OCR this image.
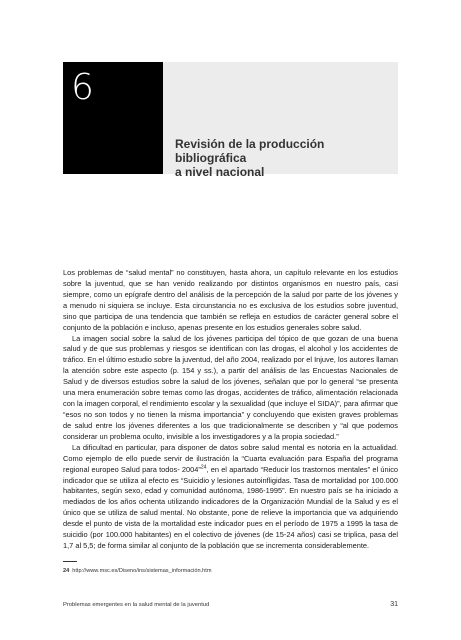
6
Revisión de la producción bibliográfica
a nivel nacional

Los problemas de “salud mental” no constituyen, hasta ahora, un capítulo relevante en los estudios sobre la juventud, que se han venido realizando por distintos organismos en nuestro país, casi siempre, como un epígrafe dentro del análisis de la percepción de la salud por parte de los jóvenes y a menudo ni siquiera se incluye. Esta circunstancia no es exclusiva de los estudios sobre juventud, sino que participa de una tendencia que también se refleja en estudios de carácter general sobre el conjunto de la población e incluso, apenas presente en los estudios generales sobre salud.

La imagen social sobre la salud de los jóvenes participa del tópico de que gozan de una buena salud y de que sus problemas y riesgos se identifican con las drogas, el alcohol y los accidentes de tráfico. En el último estudio sobre la juventud, del año 2004, realizado por el Injuve, los autores llaman la atención sobre este aspecto (p. 154 y ss.), a partir del análisis de las Encuestas Nacionales de Salud y de diversos estudios sobre la salud de los jóvenes, señalan que por lo general “se presenta una mera enumeración sobre temas como las drogas, accidentes de tráfico, alimentación relacionada con la imagen corporal, el rendimiento escolar y la sexualidad (que incluye el SIDA)”, para afirmar que “esos no son todos y no tienen la misma importancia” y concluyendo que existen graves problemas de salud entre los jóvenes diferentes a los que tradicionalmente se describen y “al que podemos considerar un problema oculto, invisible a los investigadores y a la propia sociedad.”

La dificultad en particular, para disponer de datos sobre salud mental es notoria en la actualidad. Como ejemplo de ello puede servir de ilustración la “Cuarta evaluación para España del programa regional europeo Salud para todos- 2004”$^{24}$, en el apartado “Reducir los trastornos mentales” el único indicador que se utiliza al efecto es “Suicidio y lesiones autoinfligidas. Tasa de mortalidad por 100.000 habitantes, según sexo, edad y comunidad autónoma, 1986-1995”. En nuestro país se ha iniciado a mediados de los años ochenta utilizando indicadores de la Organización Mundial de la Salud y es el único que se utiliza de salud mental. No obstante, pone de relieve la importancia que va adquiriendo desde el punto de vista de la mortalidad este indicador pues en el período de 1975 a 1995 la tasa de suicidio (por 100.000 habitantes) en el colectivo de jóvenes (de 15-24 años) casi se triplica, pasa del 1,7 al 5,5; de forma similar al conjunto de la población que se incrementa considerablemente.

24 http://www.msc.es/Diseno/ins/sistemas_información.htm
Problemas emergentes en la salud mental de la juventud	31
